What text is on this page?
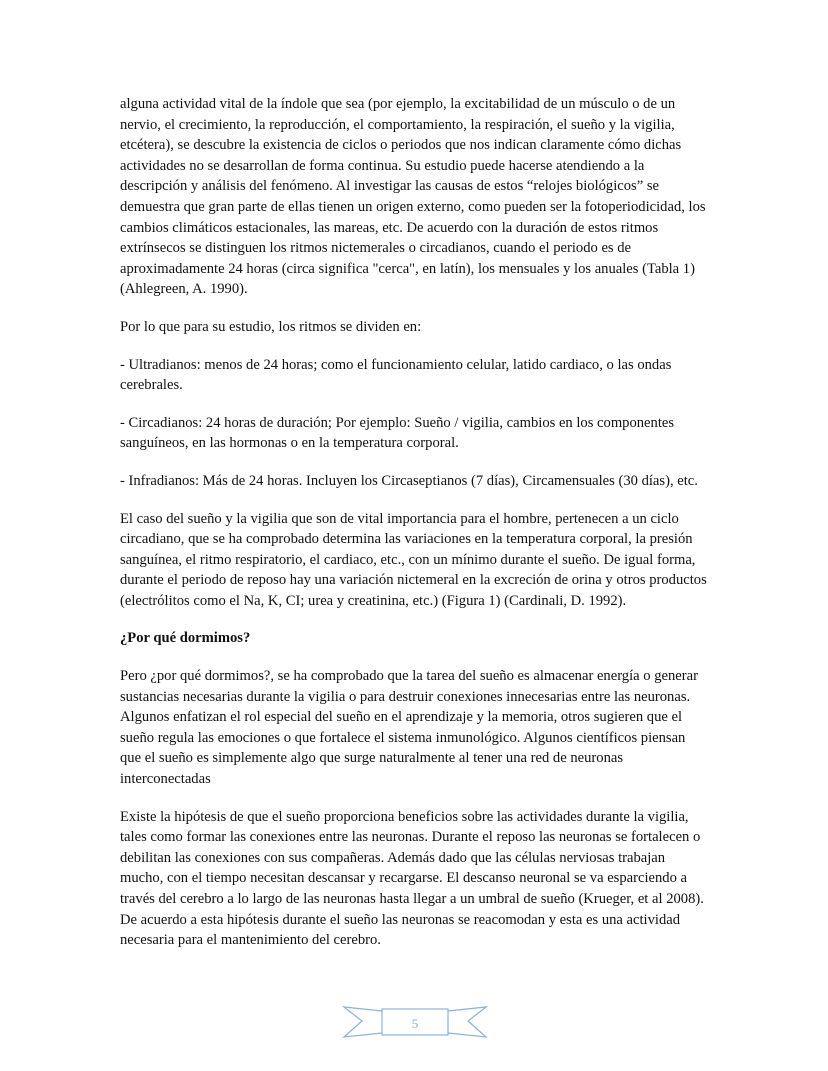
alguna actividad vital de la índole que sea (por ejemplo, la excitabilidad de un músculo o de un nervio, el crecimiento, la reproducción, el comportamiento, la respiración, el sueño y la vigilia, etcétera), se descubre la existencia de ciclos o periodos que nos indican claramente cómo dichas actividades no se desarrollan de forma continua. Su estudio puede hacerse atendiendo a la descripción y análisis del fenómeno. Al investigar las causas de estos “relojes biológicos” se demuestra que gran parte de ellas tienen un origen externo, como pueden ser la fotoperiodicidad, los cambios climáticos estacionales, las mareas, etc. De acuerdo con la duración de estos ritmos extrínsecos se distinguen los ritmos nictemerales o circadianos, cuando el periodo es de aproximadamente 24 horas (circa significa "cerca", en latín), los mensuales y los anuales (Tabla 1) (Ahlegreen, A. 1990).

Por lo que para su estudio, los ritmos se dividen en:

- Ultradianos: menos de 24 horas; como el funcionamiento celular, latido cardiaco, o las ondas cerebrales.

- Circadianos: 24 horas de duración; Por ejemplo: Sueño / vigilia, cambios en los componentes sanguíneos, en las hormonas o en la temperatura corporal.

- Infradianos: Más de 24 horas. Incluyen los Circaseptianos (7 días), Circamensuales (30 días), etc.

El caso del sueño y la vigilia que son de vital importancia para el hombre, pertenecen a un ciclo circadiano, que se ha comprobado determina las variaciones en la temperatura corporal, la presión sanguínea, el ritmo respiratorio, el cardiaco, etc., con un mínimo durante el sueño. De igual forma, durante el periodo de reposo hay una variación nictemeral en la excreción de orina y otros productos (electrólitos como el Na, K, CI; urea y creatinina, etc.) (Figura 1) (Cardinali, D. 1992).

¿Por qué dormimos?

Pero ¿por qué dormimos?, se ha comprobado que la tarea del sueño es almacenar energía o generar sustancias necesarias durante la vigilia o para destruir conexiones innecesarias entre las neuronas. Algunos enfatizan el rol especial del sueño en el aprendizaje y la memoria, otros sugieren que el sueño regula las emociones o que fortalece el sistema inmunológico. Algunos científicos piensan que el sueño es simplemente algo que surge naturalmente al tener una red de neuronas interconectadas

Existe la hipótesis de que el sueño proporciona beneficios sobre las actividades durante la vigilia, tales como formar las conexiones entre las neuronas. Durante el reposo las neuronas se fortalecen o debilitan las conexiones con sus compañeras. Además dado que las células nerviosas trabajan mucho, con el tiempo necesitan descansar y recargarse. El descanso neuronal se va esparciendo a través del cerebro a lo largo de las neuronas hasta llegar a un umbral de sueño (Krueger, et al 2008). De acuerdo a esta hipótesis durante el sueño las neuronas se reacomodan y esta es una actividad necesaria para el mantenimiento del cerebro.

5
